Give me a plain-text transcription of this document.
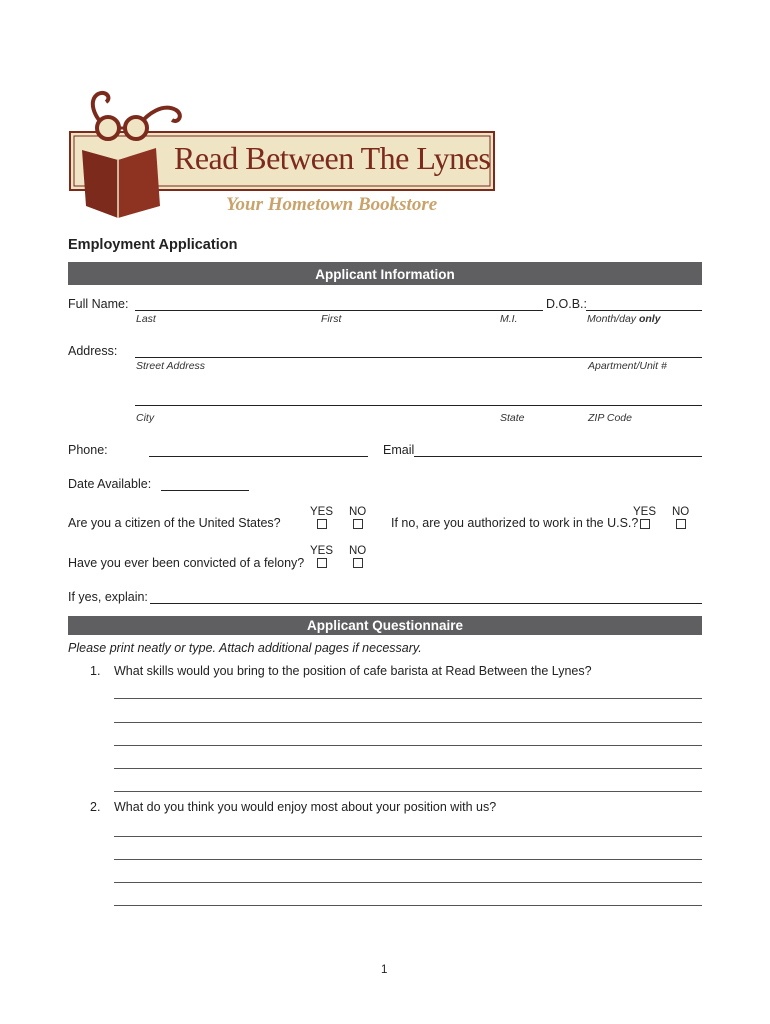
Read Between The Lynes
Your Hometown Bookstore
Employment Application
Applicant Information
Full Name:	D.O.B.:
Last	First	M.I.	Month/day only
Address:
Street Address	Apartment/Unit #
City	State	ZIP Code
Phone:	Email
Date Available:
Are you a citizen of the United States?
YES NO
If no, are you authorized to work in the U.S.?
YES NO
Have you ever been convicted of a felony?
YES NO
If yes, explain:
Applicant Questionnaire
Please print neatly or type. Attach additional pages if necessary.
1. What skills would you bring to the position of cafe barista at Read Between the Lynes?
2. What do you think you would enjoy most about your position with us?
1
